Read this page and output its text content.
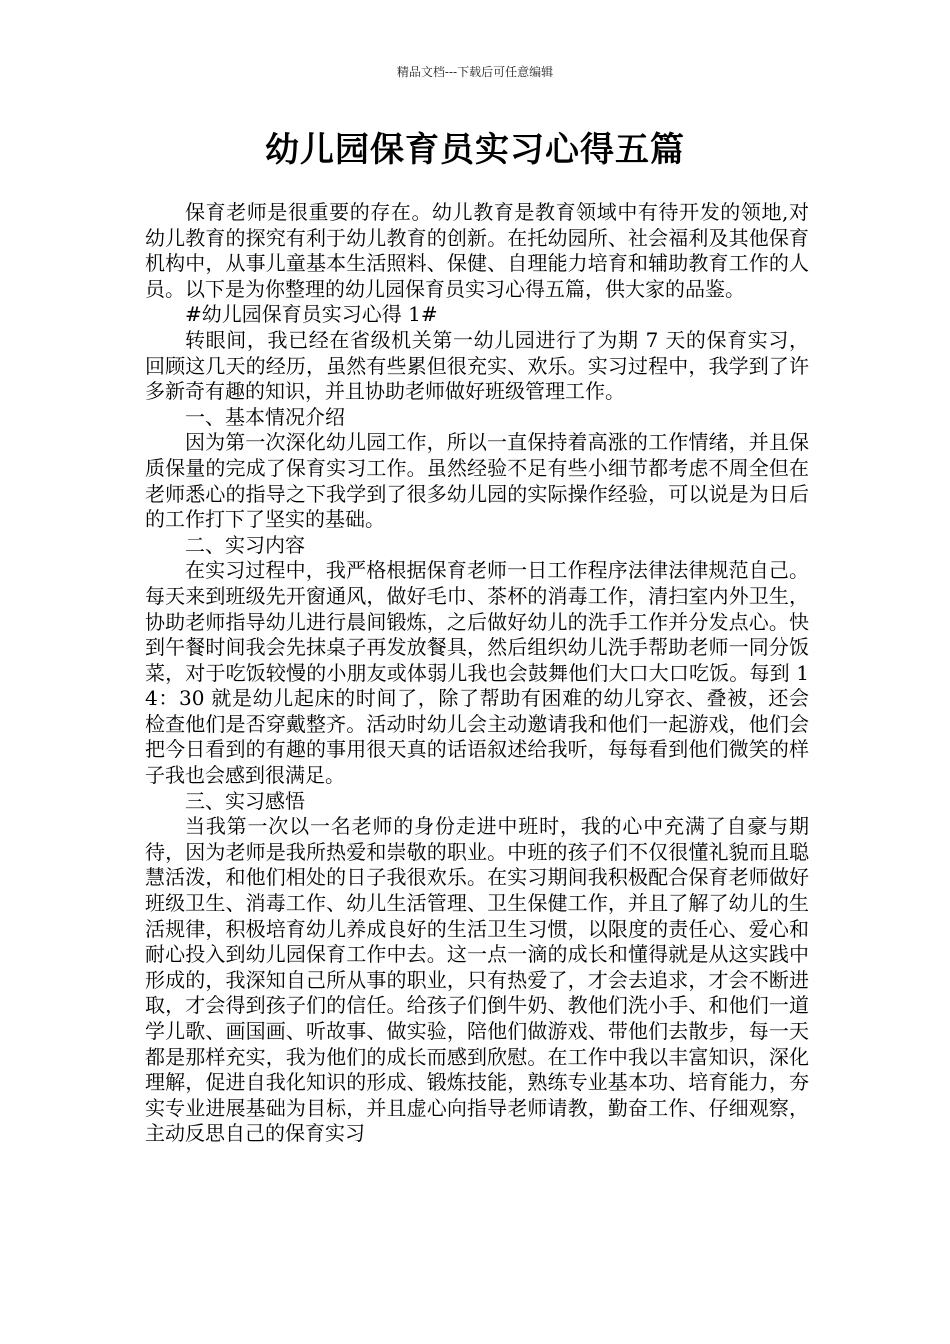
精品文档---下载后可任意编辑
幼儿园保育员实习心得五篇

保育老师是很重要的存在。幼儿教育是教育领域中有待开发的领地,对幼儿教育的探究有利于幼儿教育的创新。在托幼园所、社会福利及其他保育机构中，从事儿童基本生活照料、保健、自理能力培育和辅助教育工作的人员。以下是为你整理的幼儿园保育员实习心得五篇，供大家的品鉴。

#幼儿园保育员实习心得 1#

转眼间，我已经在省级机关第一幼儿园进行了为期 7 天的保育实习，回顾这几天的经历，虽然有些累但很充实、欢乐。实习过程中，我学到了许多新奇有趣的知识，并且协助老师做好班级管理工作。

一、基本情况介绍

因为第一次深化幼儿园工作，所以一直保持着高涨的工作情绪，并且保质保量的完成了保育实习工作。虽然经验不足有些小细节都考虑不周全但在老师悉心的指导之下我学到了很多幼儿园的实际操作经验，可以说是为日后的工作打下了坚实的基础。

二、实习内容

在实习过程中，我严格根据保育老师一日工作程序法律法律规范自己。每天来到班级先开窗通风，做好毛巾、茶杯的消毒工作，清扫室内外卫生，协助老师指导幼儿进行晨间锻炼，之后做好幼儿的洗手工作并分发点心。快到午餐时间我会先抹桌子再发放餐具，然后组织幼儿洗手帮助老师一同分饭菜，对于吃饭较慢的小朋友或体弱儿我也会鼓舞他们大口大口吃饭。每到 14：30 就是幼儿起床的时间了，除了帮助有困难的幼儿穿衣、叠被，还会检查他们是否穿戴整齐。活动时幼儿会主动邀请我和他们一起游戏，他们会把今日看到的有趣的事用很天真的话语叙述给我听，每每看到他们微笑的样子我也会感到很满足。

三、实习感悟

当我第一次以一名老师的身份走进中班时，我的心中充满了自豪与期待，因为老师是我所热爱和崇敬的职业。中班的孩子们不仅很懂礼貌而且聪慧活泼，和他们相处的日子我很欢乐。在实习期间我积极配合保育老师做好班级卫生、消毒工作、幼儿生活管理、卫生保健工作，并且了解了幼儿的生活规律，积极培育幼儿养成良好的生活卫生习惯，以限度的责任心、爱心和耐心投入到幼儿园保育工作中去。这一点一滴的成长和懂得就是从这实践中形成的，我深知自己所从事的职业，只有热爱了，才会去追求，才会不断进取，才会得到孩子们的信任。给孩子们倒牛奶、教他们洗小手、和他们一道学儿歌、画国画、听故事、做实验，陪他们做游戏、带他们去散步，每一天都是那样充实，我为他们的成长而感到欣慰。在工作中我以丰富知识，深化理解，促进自我化知识的形成、锻炼技能，熟练专业基本功、培育能力，夯实专业进展基础为目标，并且虚心向指导老师请教，勤奋工作、仔细观察，主动反思自己的保育实习
